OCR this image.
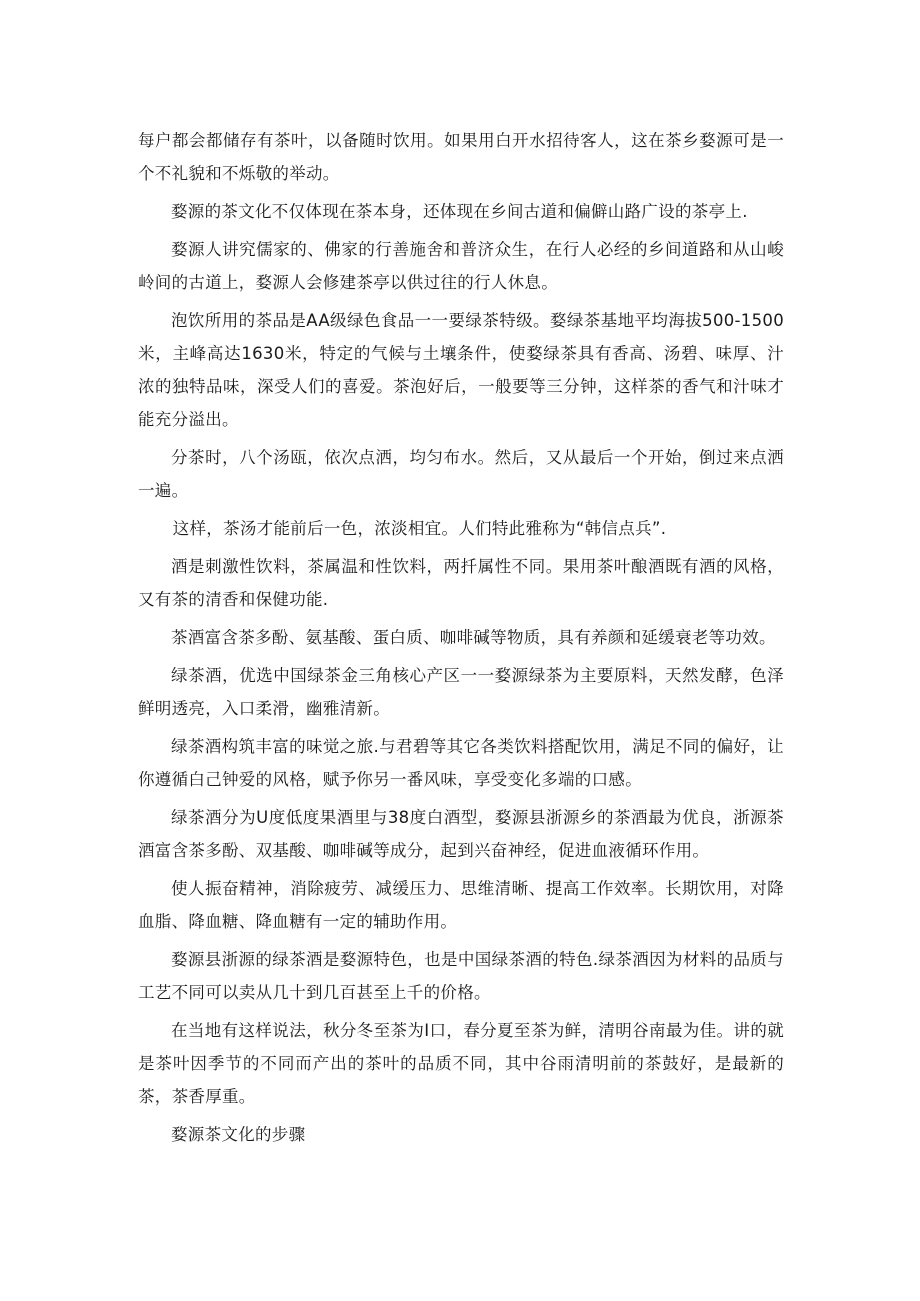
每户都会都储存有茶叶，以备随时饮用。如果用白开水招待客人，这在茶乡婺源可是一个不礼貌和不烁敬的举动。

婺源的茶文化不仅体现在茶本身，还体现在乡间古道和偏僻山路广设的茶亭上.

婺源人讲究儒家的、佛家的行善施舍和普济众生，在行人必经的乡间道路和从山峻岭间的古道上，婺源人会修建茶亭以供过往的行人休息。

泡饮所用的茶品是AA级绿色食品一一要绿茶特级。婺绿茶基地平均海拔500-1500米，主峰高达1630米，特定的气候与土壤条件，使婺绿茶具有香高、汤碧、味厚、汁浓的独特品味，深受人们的喜爱。茶泡好后，一般要等三分钟，这样茶的香气和汁味才能充分溢出。

分茶时，八个汤瓯，依次点洒，均匀布水。然后，又从最后一个开始，倒过来点洒一遍。

这样，茶汤才能前后一色，浓淡相宜。人们特此雅称为“韩信点兵”.

酒是刺激性饮料，茶属温和性饮料，两扦属性不同。果用茶叶酿酒既有酒的风格，又有茶的清香和保健功能.

茶酒富含茶多酚、氨基酸、蛋白质、咖啡碱等物质，具有养颜和延缓衰老等功效。

绿茶酒，优选中国绿茶金三角核心产区一一婺源绿茶为主要原料，天然发酵，色泽鲜明透亮，入口柔滑，幽雅清新。

绿茶酒构筑丰富的味觉之旅.与君碧等其它各类饮料搭配饮用，满足不同的偏好，让你遵循白己钟爱的风格，赋予你另一番风味，享受变化多端的口感。

绿茶酒分为U度低度果酒里与38度白酒型，婺源县浙源乡的茶酒最为优良，浙源茶酒富含茶多酚、双基酸、咖啡碱等成分，起到兴奋神经，促进血液循环作用。

使人振奋精神，消除疲劳、减缓压力、思维清晰、提高工作效率。长期饮用，对降血脂、降血糖、降血糖有一定的辅助作用。

婺源县浙源的绿茶酒是婺源特色，也是中国绿茶酒的特色.绿茶酒因为材料的品质与工艺不同可以卖从几十到几百甚至上千的价格。

在当地有这样说法，秋分冬至茶为I口，春分夏至茶为鲜，清明谷南最为佳。讲的就是茶叶因季节的不同而产出的茶叶的品质不同，其中谷雨清明前的茶鼓好，是最新的茶，茶香厚重。

婺源茶文化的步骤
